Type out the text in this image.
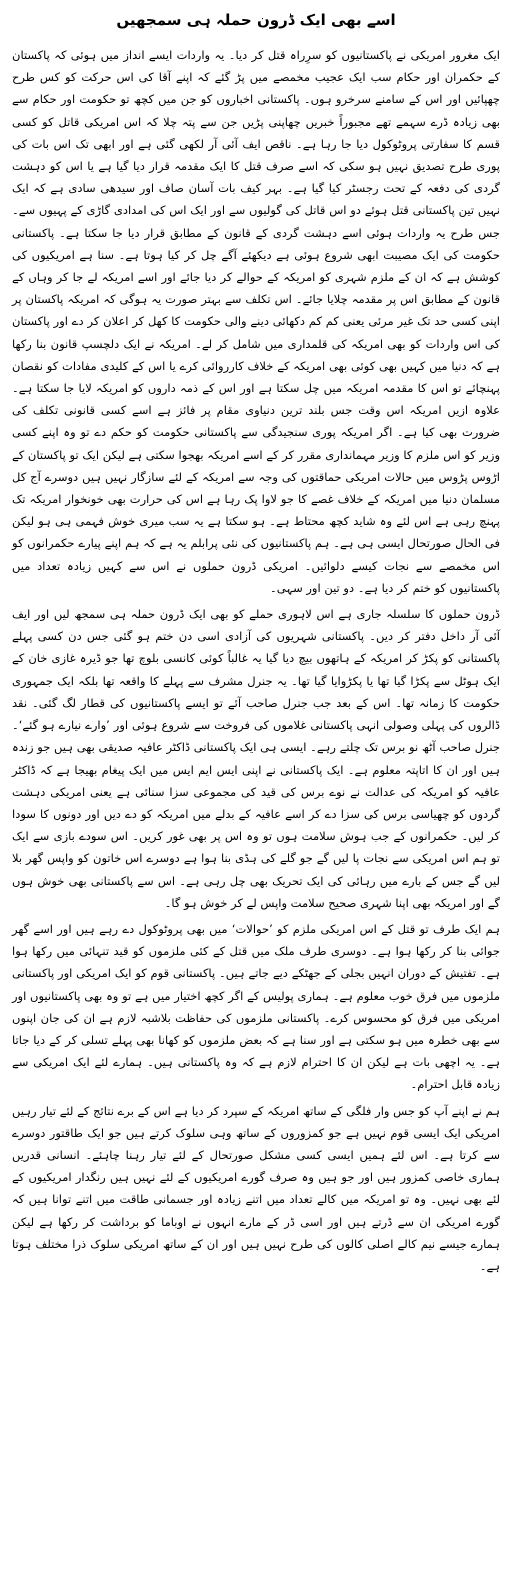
اسے بھی ایک ڈرون حملہ ہی سمجھیں

ایک مغرور امریکی نے پاکستانیوں کو سرِراہ قتل کر دیا۔ یہ واردات ایسے انداز میں ہوئی کہ پاکستان کے حکمران اور حکام سب ایک عجیب مخمصے میں پڑ گئے کہ اپنے آقا کی اس حرکت کو کس طرح چھپائیں اور اس کے سامنے سرخرو ہوں۔ پاکستانی اخباروں کو جن میں کچھ تو حکومت اور حکام سے بھی زیادہ ڈرے سہمے تھے مجبوراً خبریں چھاپنی پڑیں جن سے پتہ چلا کہ اس امریکی قاتل کو کسی قسم کا سفارتی پروٹوکول دیا جا رہا ہے۔ ناقص ایف آئی آر لکھی گئی ہے اور ابھی تک اس بات کی پوری طرح تصدیق نہیں ہو سکی کہ اسے صرف قتل کا ایک مقدمہ قرار دیا گیا ہے یا اس کو دہشت گردی کی دفعہ کے تحت رجسٹر کیا گیا ہے۔ بہر کیف بات آسان صاف اور سیدھی سادی ہے کہ ایک نہیں تین پاکستانی قتل ہوئے دو اس قاتل کی گولیوں سے اور ایک اس کی امدادی گاڑی کے پہیوں سے۔ جس طرح یہ واردات ہوئی اسے دہشت گردی کے قانون کے مطابق قرار دیا جا سکتا ہے۔ پاکستانی حکومت کی ایک مصیبت ابھی شروع ہوئی ہے دیکھئے آگے چل کر کیا ہوتا ہے۔ سنا ہے امریکیوں کی کوشش ہے کہ ان کے ملزم شہری کو امریکہ کے حوالے کر دیا جائے اور اسے امریکہ لے جا کر وہاں کے قانون کے مطابق اس پر مقدمہ چلایا جائے۔ اس تکلف سے بہتر صورت یہ ہوگی کہ امریکہ پاکستان پر اپنی کسی حد تک غیر مرئی یعنی کم کم دکھائی دینے والی حکومت کا کھل کر اعلان کر دے اور پاکستان کی اس واردات کو بھی امریکہ کی قلمداری میں شامل کر لے۔ امریکہ نے ایک دلچسپ قانون بنا رکھا ہے کہ دنیا میں کہیں بھی کوئی بھی امریکہ کے خلاف کارروائی کرے یا اس کے کلیدی مفادات کو نقصان پہنچائے تو اس کا مقدمہ امریکہ میں چل سکتا ہے اور اس کے ذمہ داروں کو امریکہ لایا جا سکتا ہے۔ علاوہ ازیں امریکہ اس وقت جس بلند ترین دنیاوی مقام پر فائز ہے اسے کسی قانونی تکلف کی ضرورت بھی کیا ہے۔ اگر امریکہ پوری سنجیدگی سے پاکستانی حکومت کو حکم دے تو وہ اپنے کسی وزیر کو اس ملزم کا وزیر مہمانداری مقرر کر کے اسے امریکہ بھجوا سکتی ہے لیکن ایک تو پاکستان کے اڑوس پڑوس میں حالات امریکی حماقتوں کی وجہ سے امریکہ کے لئے سازگار نہیں ہیں دوسرے آج کل مسلمان دنیا میں امریکہ کے خلاف غصے کا جو لاوا پک رہا ہے اس کی حرارت بھی خونخوار امریکہ تک پہنچ رہی ہے اس لئے وہ شاید کچھ محتاط ہے۔ ہو سکتا ہے یہ سب میری خوش فہمی ہی ہو لیکن فی الحال صورتحال ایسی ہی ہے۔ ہم پاکستانیوں کی نئی پرابلم یہ ہے کہ ہم اپنے پیارے حکمرانوں کو اس مخمصے سے نجات کیسے دلوائیں۔ امریکی ڈرون حملوں نے اس سے کہیں زیادہ تعداد میں پاکستانیوں کو ختم کر دیا ہے۔ دو تین اور سہی۔

ڈرون حملوں کا سلسلہ جاری ہے اس لاہوری حملے کو بھی ایک ڈرون حملہ ہی سمجھ لیں اور ایف آئی آر داخل دفتر کر دیں۔ پاکستانی شہریوں کی آزادی اسی دن ختم ہو گئی جس دن کسی پہلے پاکستانی کو پکڑ کر امریکہ کے ہاتھوں بیچ دیا گیا یہ غالباً کوئی کانسی بلوچ تھا جو ڈیرہ غازی خان کے ایک ہوٹل سے پکڑا گیا تھا یا پکڑوایا گیا تھا۔ یہ جنرل مشرف سے پہلے کا واقعہ تھا بلکہ ایک جمہوری حکومت کا زمانہ تھا۔ اس کے بعد جب جنرل صاحب آئے تو ایسے پاکستانیوں کی قطار لگ گئی۔ نقد ڈالروں کی پہلی وصولی انہی پاکستانی غلاموں کی فروخت سے شروع ہوئی اور ’وارے نیارے ہو گئے‘۔ جنرل صاحب آٹھ نو برس تک چلتے رہے۔ ایسی ہی ایک پاکستانی ڈاکٹر عافیہ صدیقی بھی ہیں جو زندہ ہیں اور ان کا اتاپتہ معلوم ہے۔ ایک پاکستانی نے اپنی ایس ایم ایس میں ایک پیغام بھیجا ہے کہ ڈاکٹر عافیہ کو امریکہ کی عدالت نے نوے برس کی قید کی مجموعی سزا سنائی ہے یعنی امریکی دہشت گردوں کو چھیاسی برس کی سزا دے کر اسے عافیہ کے بدلے میں امریکہ کو دے دیں اور دونوں کا سودا کر لیں۔ حکمرانوں کے جب ہوش سلامت ہوں تو وہ اس پر بھی غور کریں۔ اس سودے بازی سے ایک تو ہم اس امریکی سے نجات پا لیں گے جو گلے کی ہڈی بنا ہوا ہے دوسرے اس خاتون کو واپس گھر بلا لیں گے جس کے بارے میں رہائی کی ایک تحریک بھی چل رہی ہے۔ اس سے پاکستانی بھی خوش ہوں گے اور امریکہ بھی اپنا شہری صحیح سلامت واپس لے کر خوش ہو گا۔

ہم ایک طرف تو قتل کے اس امریکی ملزم کو ’حوالات‘ میں بھی پروٹوکول دے رہے ہیں اور اسے گھر جوائی بنا کر رکھا ہوا ہے۔ دوسری طرف ملک میں قتل کے کئی ملزموں کو قید تنہائی میں رکھا ہوا ہے۔ تفتیش کے دوران انہیں بجلی کے جھٹکے دیے جاتے ہیں۔ پاکستانی قوم کو ایک امریکی اور پاکستانی ملزموں میں فرق خوب معلوم ہے۔ ہماری پولیس کے اگر کچھ اختیار میں ہے تو وہ بھی پاکستانیوں اور امریکی میں فرق کو محسوس کرے۔ پاکستانی ملزموں کی حفاظت بلاشبہ لازم ہے ان کی جان اپنوں سے بھی خطرہ میں ہو سکتی ہے اور سنا ہے کہ بعض ملزموں کو کھانا بھی پہلے تسلی کر کے دیا جاتا ہے۔ یہ اچھی بات ہے لیکن ان کا احترام لازم ہے کہ وہ پاکستانی ہیں۔ ہمارے لئے ایک امریکی سے زیادہ قابل احترام۔

ہم نے اپنے آپ کو جس وار فلگی کے ساتھ امریکہ کے سپرد کر دیا ہے اس کے برے نتائج کے لئے تیار رہیں امریکی ایک ایسی قوم نہیں ہے جو کمزوروں کے ساتھ وہی سلوک کرتے ہیں جو ایک طاقتور دوسرے سے کرتا ہے۔ اس لئے ہمیں ایسی کسی مشکل صورتحال کے لئے تیار رہنا چاہئے۔ انسانی قدریں ہماری خاصی کمزور ہیں اور جو ہیں وہ صرف گورے امریکیوں کے لئے نہیں ہیں رنگدار امریکیوں کے لئے بھی نہیں۔ وہ تو امریکہ میں کالے تعداد میں اتنے زیادہ اور جسمانی طاقت میں اتنے توانا ہیں کہ گورے امریکی ان سے ڈرتے ہیں اور اسی ڈر کے مارے انہوں نے اوباما کو برداشت کر رکھا ہے لیکن ہمارے جیسے نیم کالے اصلی کالوں کی طرح نہیں ہیں اور ان کے ساتھ امریکی سلوک ذرا مختلف ہوتا ہے۔
